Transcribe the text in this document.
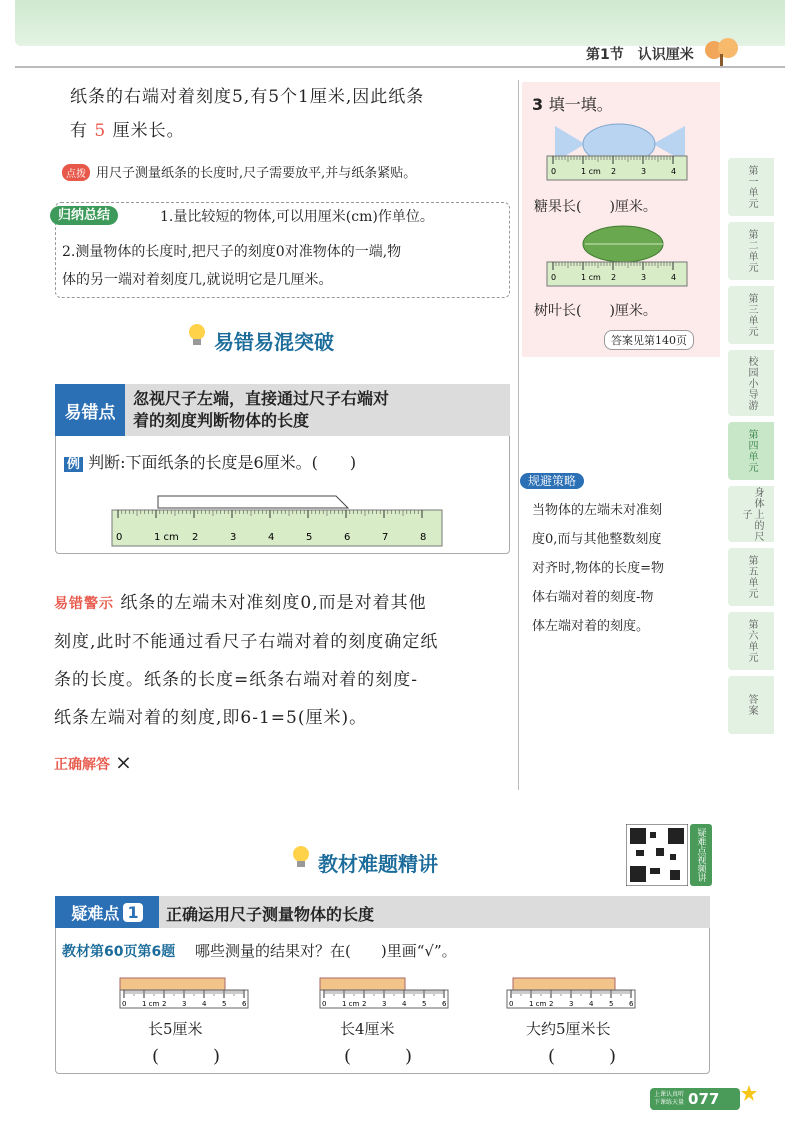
第1节　认识厘米
纸条的右端对着刻度5,有5个1厘米,因此纸条
有 5 厘米长。
点拨 用尺子测量纸条的长度时,尺子需要放平,并与纸条紧贴。
归纳总结	1.量比较短的物体,可以用厘米(cm)作单位。
2.测量物体的长度时,把尺子的刻度0对准物体的一端,物
体的另一端对着刻度几,就说明它是几厘米。
易错易混突破
易错点
忽视尺子左端，直接通过尺子右端对
着的刻度判断物体的长度
例 判断:下面纸条的长度是6厘米。(　　)
0	1 cm 2	3	4	5	6	7	8
易错警示 纸条的左端未对准刻度0,而是对着其他
刻度,此时不能通过看尺子右端对着的刻度确定纸
条的长度。纸条的长度=纸条右端对着的刻度-
纸条左端对着的刻度,即6-1=5(厘米)。
正确解答 ×
3 填一填。
0	1 cm 2	3	4
糖果长(　　)厘米。
0	1 cm 2	3	4
树叶长(　　)厘米。
答案见第140页
规避策略
当物体的左端未对准刻
度0,而与其他整数刻度
对齐时,物体的长度=物
体右端对着的刻度-物
体左端对着的刻度。
第一单元
第二单元
第三单元
校园小导游
第四单元
身体上的尺子
第五单元
第六单元
答案
教材难题精讲	疑难点视频讲
疑难点 1 正确运用尺子测量物体的长度
教材第60页第6题　 哪些测量的结果对？在(　　)里画“√”。
0 1 cm 2 3 4 5 6	0 1 cm 2 3 4 5 6	0 1 cm 2 3 4 5 6
长5厘米	长4厘米	大约5厘米长
(　)	(　)	(　)
上课认真听
下课练天量 077
